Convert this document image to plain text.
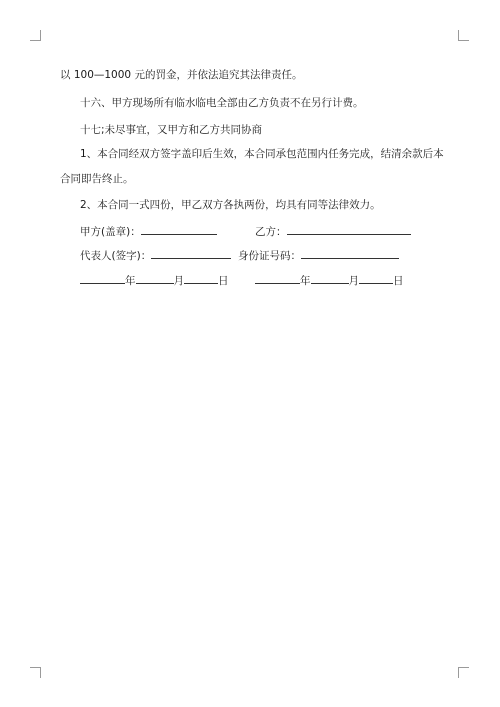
以 100—1000 元的罚金，并依法追究其法律责任。
十六、甲方现场所有临水临电全部由乙方负责不在另行计费。
十七;未尽事宜，又甲方和乙方共同协商
1、本合同经双方签字盖印后生效，本合同承包范围内任务完成，结清余款后本
合同即告终止。
2、本合同一式四份，甲乙双方各执两份，均具有同等法律效力。
甲方(盖章)：	乙方：
代表人(签字)：	身份证号码：
年	月	日	年	月	日
